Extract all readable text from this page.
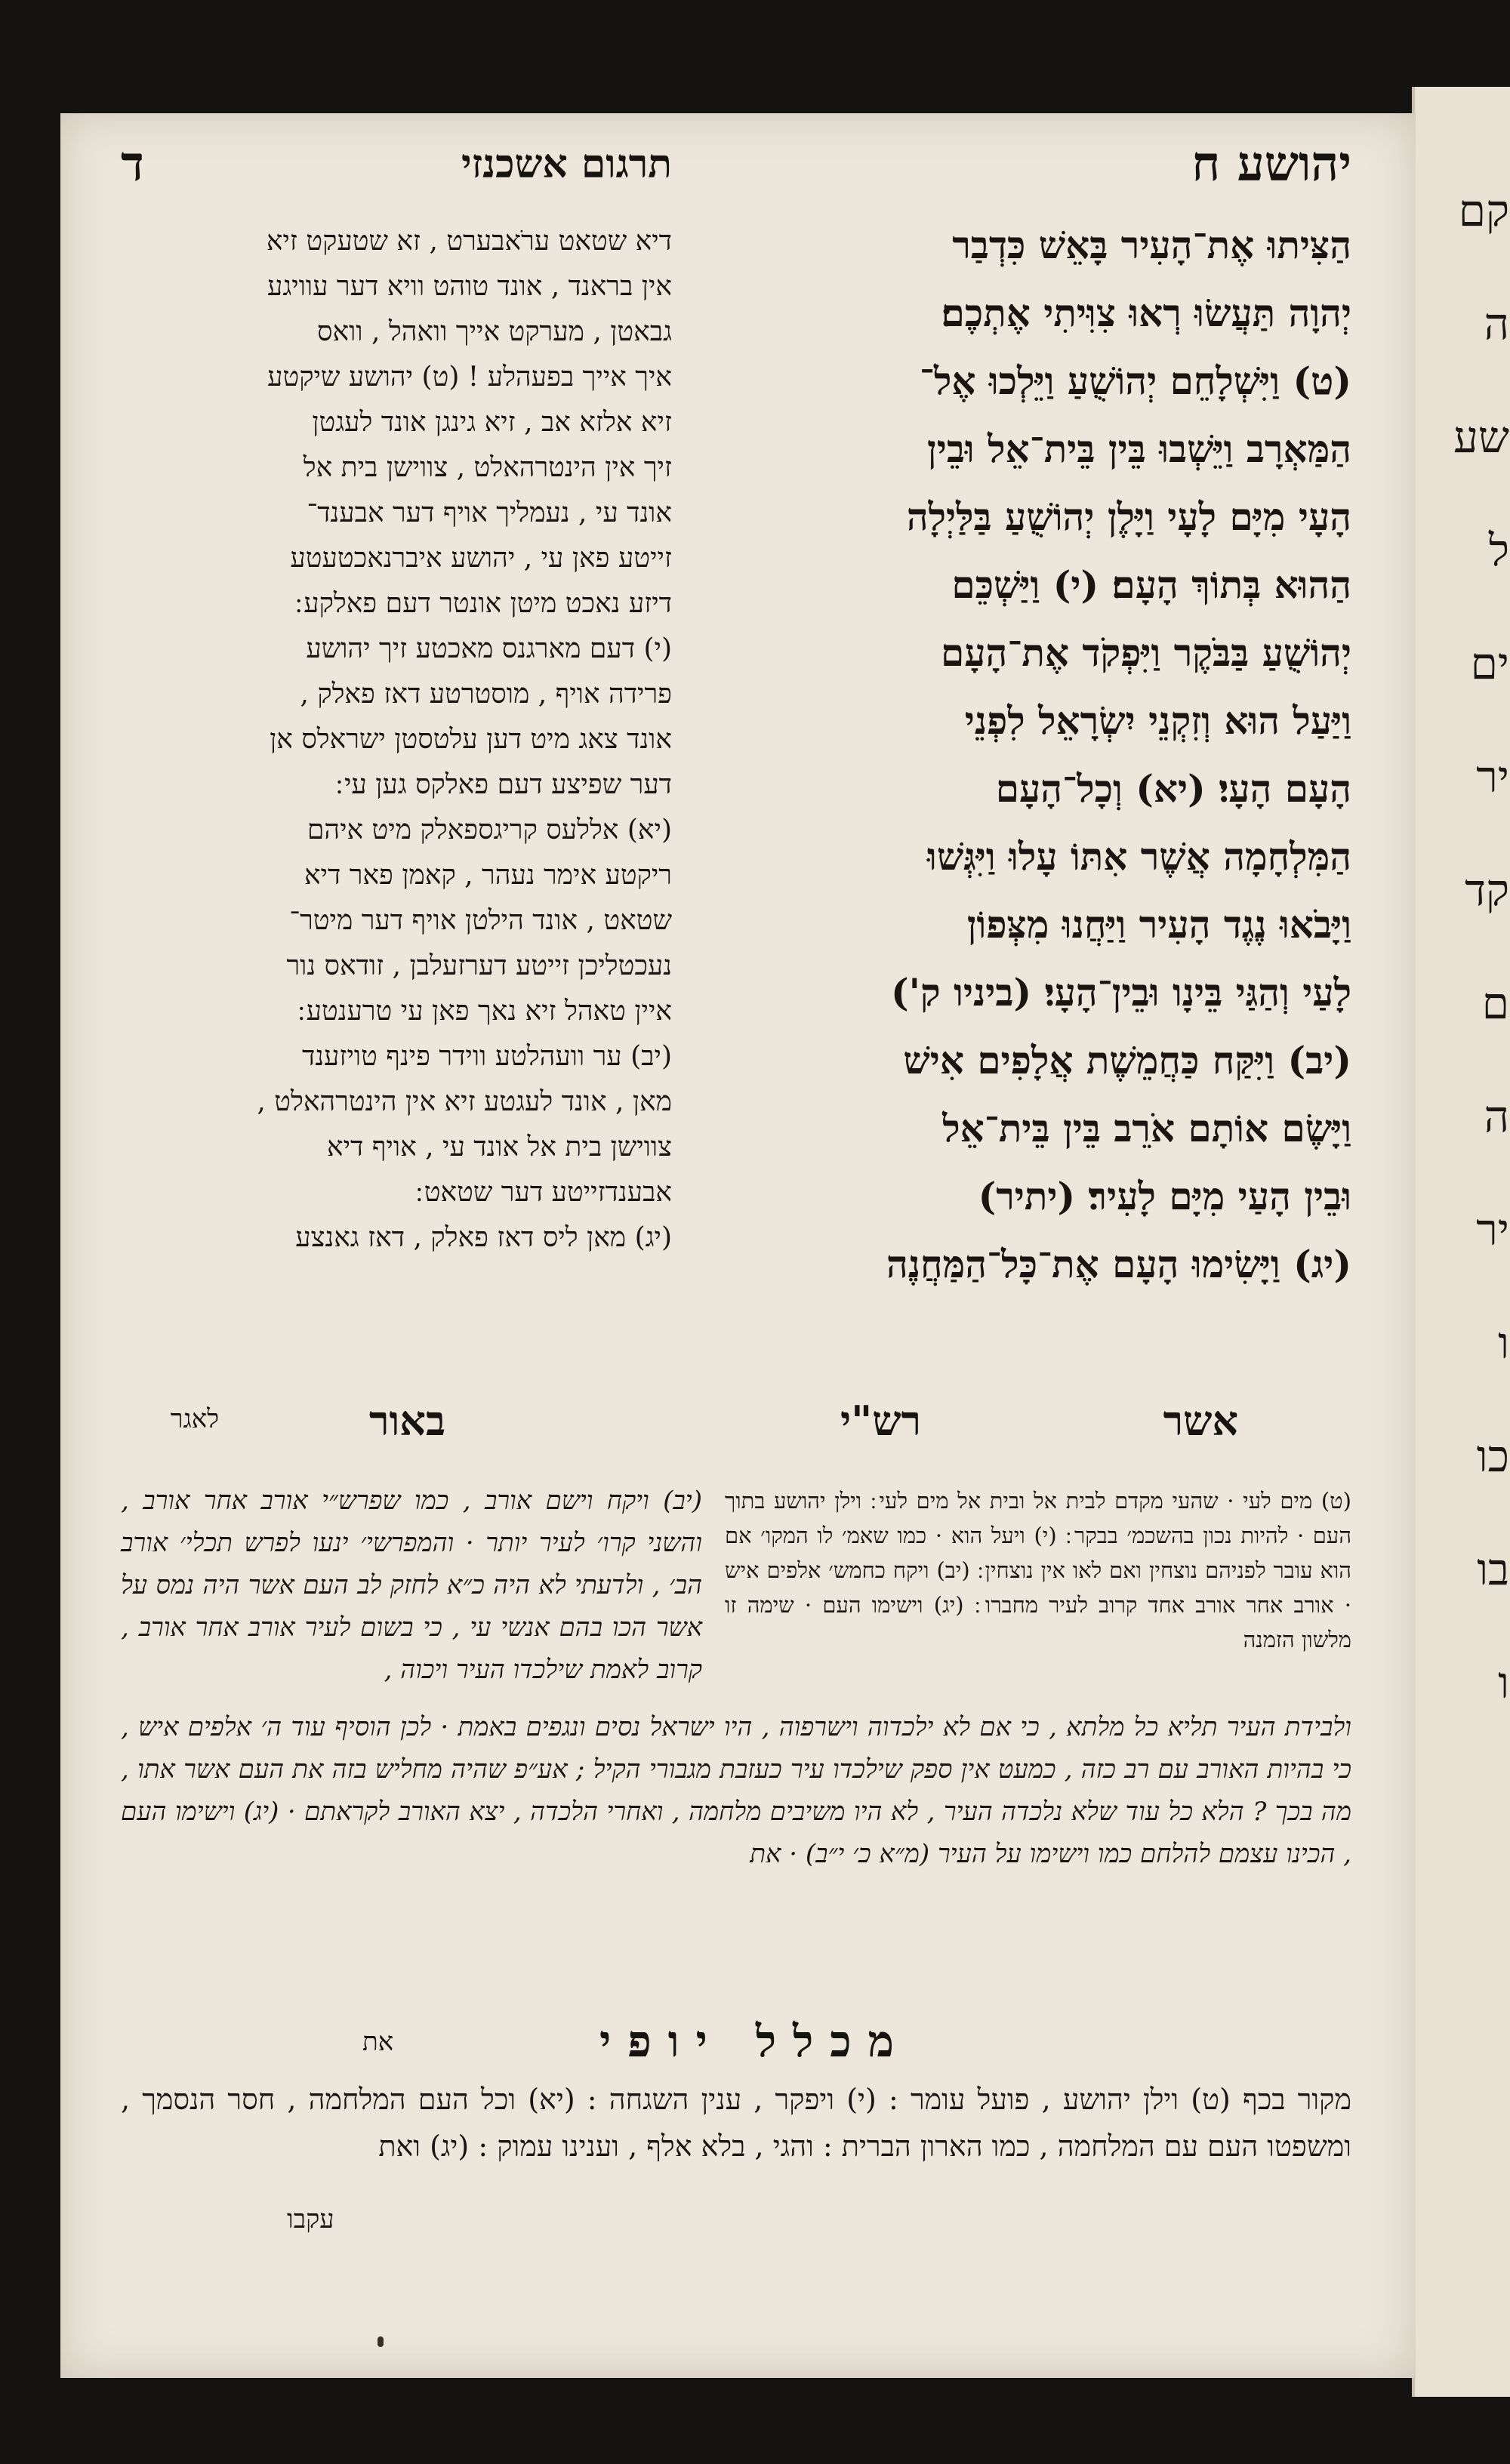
קם
ה
שע
ל
ים
יר
קד
ם
ה
יר
ו
כו
בו
ו
תרגום אשכנזי
ד	יהושע ח

הַצִּיתוּ אֶת־הָעִיר בָּאֵשׁ כִּדְבַר

יְהוָה תַּעֲשׂוּ רְאוּ צִוִּיתִי אֶתְכֶם׃

(ט) וַיִּשְׁלָחֵם יְהוֹשֻׁעַ וַיֵּלְכוּ אֶל־

הַמַּאְרָב וַיֵּשְׁבוּ בֵּין בֵּית־אֵל וּבֵין

הָעָי מִיָּם לָעָי וַיָּלֶן יְהוֹשֻׁעַ בַּלַּיְלָה

הַהוּא בְּתוֹךְ הָעָם׃ (י) וַיַּשְׁכֵּם

יְהוֹשֻׁעַ בַּבֹּקֶר וַיִּפְקֹד אֶת־הָעָם

וַיַּעַל הוּא וְזִקְנֵי יִשְׂרָאֵל לִפְנֵי

הָעָם הָעָי׃ (יא) וְכָל־הָעָם

הַמִּלְחָמָה אֲשֶׁר אִתּוֹ עָלוּ וַיִּגְּשׁוּ

וַיָּבֹאוּ נֶגֶד הָעִיר וַיַּחֲנוּ מִצְּפוֹן

לָעַי וְהַגַּי בֵּינָו וּבֵין־הָעָי׃ (ביניו ק')

(יב) וַיִּקַּח כַּחֲמֵשֶׁת אֲלָפִים אִישׁ

וַיָּשֶׂם אוֹתָם אֹרֵב בֵּין בֵּית־אֵל

וּבֵין הָעַי מִיָּם לָעִיר׃ (יתיר)

(יג) וַיָּשִׂימוּ הָעָם אֶת־כָּל־הַמַּחֲנֶה

דיא שטאט ערֹאבערט , זא שטעקט זיא

אין בראנד , אונד טוהט וויא דער עוויגע

גבאטן , מערקט אייך וואהל , וואס

איך אייך בפעהלע ! (ט) יהושע שיקטע

זיא אלזא אב , זיא גינגן אונד לעגטן

זיך אין הינטרהאלט , צווישן בית אל

אונד עי , נעמליך אויף דער אבענד־

זייטע פאן עי , יהושע איברנאכטעטע

דיזע נאכט מיטן אונטר דעם פאלקע ׃

(י) דעם מארגנס מאכטע זיך יהושע

פרידה אויף , מוסטרטע דאז פאלק ,

אונד צאג מיט דען עלטסטן ישראלס אן

דער שפיצע דעם פאלקס גען עי ׃

(יא) אללעס קריגספאלק מיט איהם

ריקטע אימר נעהר , קאמן פאר דיא

שטאט , אונד הילטן אויף דער מיטר־

נעכטליכן זייטע דערזעלבן , זודאס נור

איין טאהל זיא נאך פאן עי טרענטע ׃

(יב) ער וועהלטע ווידר פינף טויזענד

מאן , אונד לעגטע זיא אין הינטרהאלט ,

צווישן בית אל אונד עי , אויף דיא

אבענדזייטע דער שטאט ׃

(יג) מאן ליס דאז פאלק , דאז גאנצע

רש"י	אשר
באור
לאגר
(ט) מים לעי · שהעי מקדם לבית אל ובית אל מים לעי ׃ וילן יהושע בתוך העם · להיות נכון בהשכמ׳ בבקר ׃ (י) ויעל הוא · כמו שאמ׳ לו המקו׳ אם הוא עובר לפניהם נוצחין ואם לאו אין נוצחין ׃ (יב) ויקח כחמש׳ אלפים איש · אורב אחר אורב אחד קרוב לעיר מחברו ׃ (יג) וישימו העם · שימה זו מלשון הזמנה
(יב) ויקח וישם אורב , כמו שפרש״י אורב אחר אורב , והשני קרו׳ לעיר יותר · והמפרשי׳ ינעו לפרש תכלי׳ אורב הב׳ , ולדעתי לא היה כ״א לחזק לב העם אשר היה נמס על אשר הכו בהם אנשי עי , כי בשום לעיר אורב אחר אורב , קרוב לאמת שילכדו העיר ויכוה ,
ולבידת העיר תליא כל מלתא , כי אם לא ילכדוה וישרפוה , היו ישראל נסים ונגפים באמת · לכן הוסיף עוד ה׳ אלפים איש , כי בהיות האורב עם רב כזה , כמעט אין ספק שילכדו עיר כעזבת מגבורי הקיל ; אע״פ שהיה מחליש בזה את העם אשר אתו , מה בכך ? הלא כל עוד שלא נלכדה העיר , לא היו משיבים מלחמה , ואחרי הלכדה , יצא האורב לקראתם · (יג) וישימו העם , הכינו עצמם להלחם כמו וישימו על העיר (מ״א כ׳ י״ב) · את
מכלל יופי
את
מקור בכף (ט) וילן יהושע , פועל עומר : (י) ויפקר , ענין השגחה : (יא) וכל העם המלחמה , חסר הנסמך , ומשפטו העם עם המלחמה , כמו הארון הברית : והגי , בלא אלף , וענינו עמוק : (יג) ואת
עקבו
